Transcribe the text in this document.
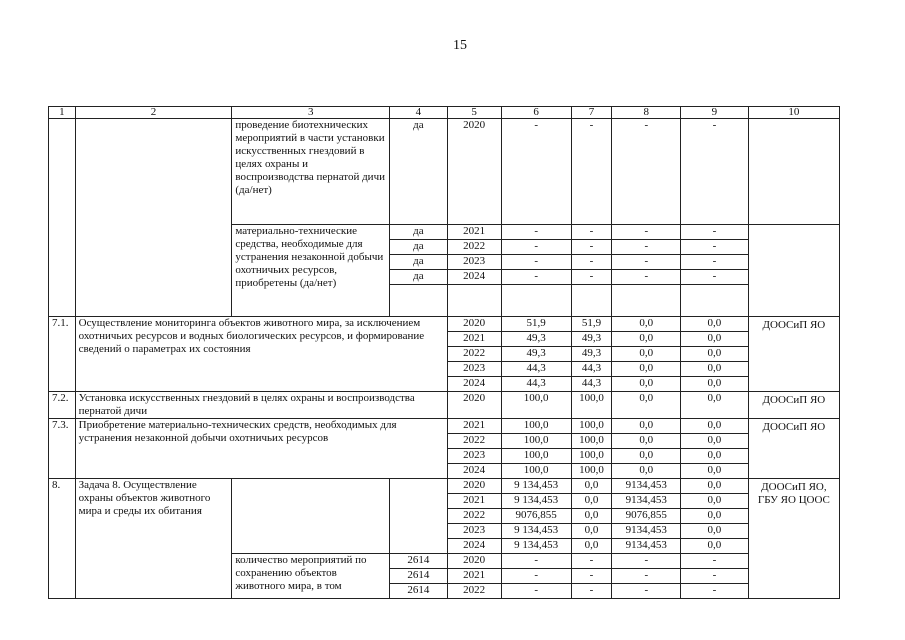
15
1	2	3	4	5	6	7	8	9	10
		проведение биотехнических мероприятий в части установки искусственных гнездовий в целях охраны и воспроизводства пернатой дичи (да/нет)	да	2020	-	-	-	-	
		материально-технические средства, необходимые для устранения незаконной добычи охотничьих ресурсов, приобретены (да/нет)	да	2021	-	-	-	-	
			да	2022	-	-	-	-	
			да	2023	-	-	-	-	
			да	2024	-	-	-	-	

7.1.	Осуществление мониторинга объектов животного мира, за исключением охотничьих ресурсов и водных биологических ресурсов, и формирование сведений о параметрах их состояния			2020	51,9	51,9	0,0	0,0	ДООСиП ЯО
				2021	49,3	49,3	0,0	0,0	
				2022	49,3	49,3	0,0	0,0	
				2023	44,3	44,3	0,0	0,0	
				2024	44,3	44,3	0,0	0,0	
7.2.	Установка искусственных гнездовий в целях охраны и воспроизводства пернатой дичи			2020	100,0	100,0	0,0	0,0	ДООСиП ЯО
7.3.	Приобретение материально-технических средств, необходимых для устранения незаконной добычи охотничьих ресурсов			2021	100,0	100,0	0,0	0,0	ДООСиП ЯО
				2022	100,0	100,0	0,0	0,0	
				2023	100,0	100,0	0,0	0,0	
				2024	100,0	100,0	0,0	0,0	
8.	Задача 8. Осуществление охраны объектов животного мира и среды их обитания			2020	9 134,453	0,0	9134,453	0,0	ДООСиП ЯО, ГБУ ЯО ЦООС
				2021	9 134,453	0,0	9134,453	0,0	
				2022	9076,855	0,0	9076,855	0,0	
				2023	9 134,453	0,0	9134,453	0,0	
				2024	9 134,453	0,0	9134,453	0,0	
		количество мероприятий по сохранению объектов животного мира, в том	2614	2020	-	-	-	-	
			2614	2021	-	-	-	-	
			2614	2022	-	-	-	-	
